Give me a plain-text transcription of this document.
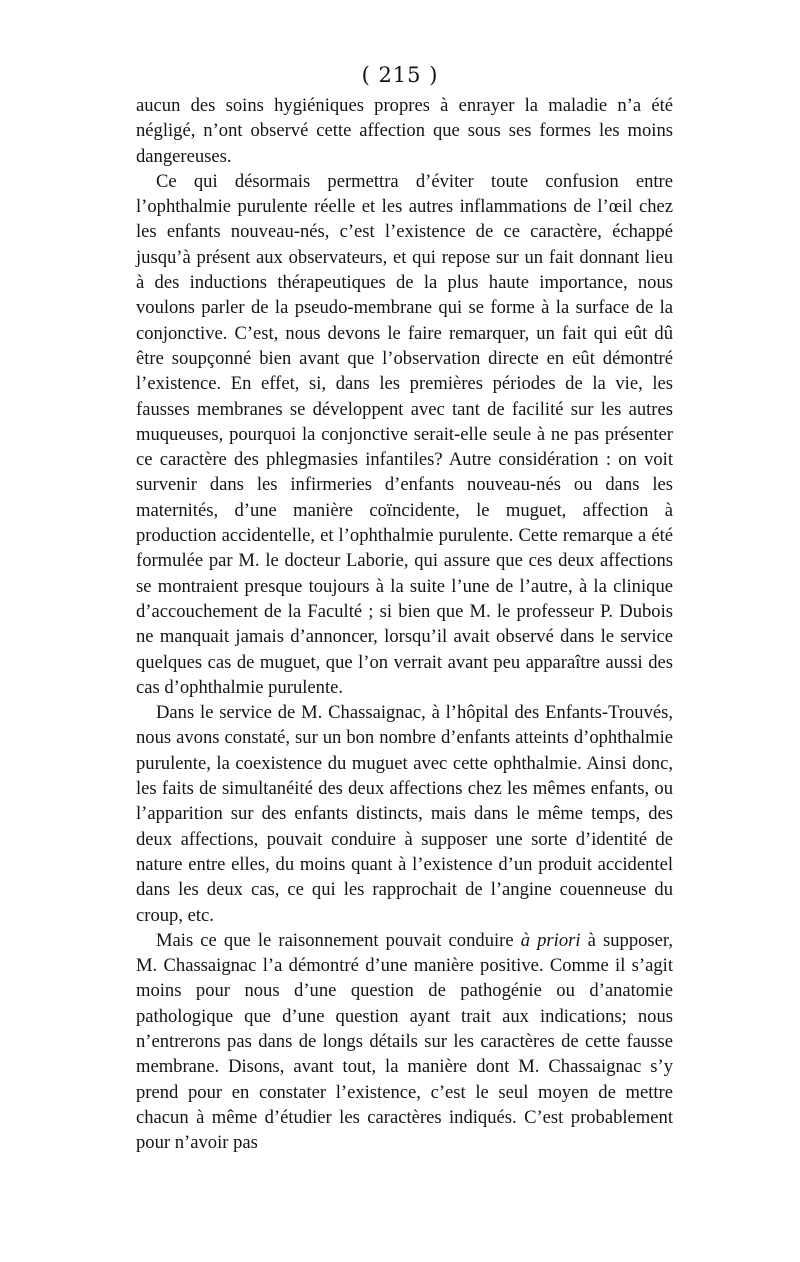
( 215 )

aucun des soins hygiéniques propres à enrayer la maladie n’a été négligé, n’ont observé cette affection que sous ses formes les moins dangereuses.

Ce qui désormais permettra d’éviter toute confusion entre l’ophthalmie purulente réelle et les autres inflammations de l’œil chez les enfants nouveau-nés, c’est l’existence de ce caractère, échappé jusqu’à présent aux observateurs, et qui repose sur un fait donnant lieu à des inductions thérapeutiques de la plus haute importance, nous voulons parler de la pseudo-membrane qui se forme à la surface de la conjonctive. C’est, nous devons le faire remarquer, un fait qui eût dû être soupçonné bien avant que l’observation directe en eût démontré l’existence. En effet, si, dans les premières périodes de la vie, les fausses membranes se développent avec tant de facilité sur les autres muqueuses, pourquoi la conjonctive serait-elle seule à ne pas présenter ce caractère des phlegmasies infantiles? Autre considération : on voit survenir dans les infirmeries d’enfants nouveau-nés ou dans les maternités, d’une manière coïncidente, le muguet, affection à production accidentelle, et l’ophthalmie purulente. Cette remarque a été formulée par M. le docteur Laborie, qui assure que ces deux affections se montraient presque toujours à la suite l’une de l’autre, à la clinique d’accouchement de la Faculté ; si bien que M. le professeur P. Dubois ne manquait jamais d’annoncer, lorsqu’il avait observé dans le service quelques cas de muguet, que l’on verrait avant peu apparaître aussi des cas d’ophthalmie purulente.

Dans le service de M. Chassaignac, à l’hôpital des Enfants-Trouvés, nous avons constaté, sur un bon nombre d’enfants atteints d’ophthalmie purulente, la coexistence du muguet avec cette ophthalmie. Ainsi donc, les faits de simultanéité des deux affections chez les mêmes enfants, ou l’apparition sur des enfants distincts, mais dans le même temps, des deux affections, pouvait conduire à supposer une sorte d’identité de nature entre elles, du moins quant à l’existence d’un produit accidentel dans les deux cas, ce qui les rapprochait de l’angine couenneuse du croup, etc.

Mais ce que le raisonnement pouvait conduire à priori à supposer, M. Chassaignac l’a démontré d’une manière positive. Comme il s’agit moins pour nous d’une question de pathogénie ou d’anatomie pathologique que d’une question ayant trait aux indications; nous n’entrerons pas dans de longs détails sur les caractères de cette fausse membrane. Disons, avant tout, la manière dont M. Chassaignac s’y prend pour en constater l’existence, c’est le seul moyen de mettre chacun à même d’étudier les caractères indiqués. C’est probablement pour n’avoir pas
